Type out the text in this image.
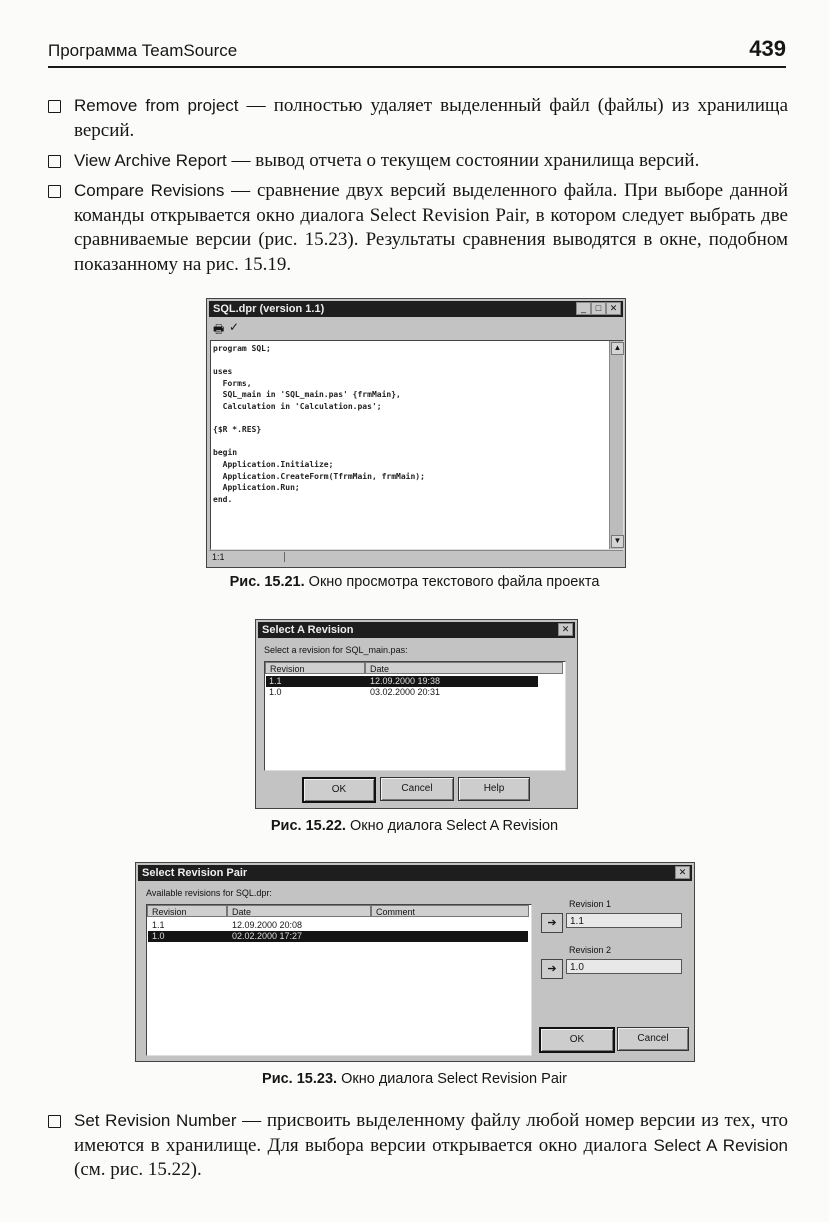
Программа TeamSource	439
Remove from project — полностью удаляет выделенный файл (файлы) из хранилища версий.
View Archive Report — вывод отчета о текущем состоянии хранилища версий.
Compare Revisions — сравнение двух версий выделенного файла. При выборе данной команды открывается окно диалога Select Revision Pair, в котором следует выбрать две сравниваемые версии (рис. 15.23). Результаты сравнения выводятся в окне, подобном показанному на рис. 15.19.
SQL.dpr (version 1.1)	_	□ ✕
🖶 ✓
program SQL;

uses
Forms,
SQL_main in 'SQL_main.pas' {frmMain},
Calculation in 'Calculation.pas';

{$R *.RES}

begin
Application.Initialize;
Application.CreateForm(TfrmMain, frmMain);
Application.Run;
end.
▲
▼
1:1
Рис. 15.21. Окно просмотра текстового файла проекта
Select A Revision	✕
Select a revision for SQL_main.pas:
Revision	Date
1.1	12.09.2000 19:38
1.0	03.02.2000 20:31
OK	Cancel	Help
Рис. 15.22. Окно диалога Select A Revision
Select Revision Pair	✕
Available revisions for SQL.dpr:
Revision	Date	Comment
1.1	12.09.2000 20:08
1.0	02.02.2000 17:27
Revision 1
➔	1.1
Revision 2
➔	1.0
OK	Cancel
Рис. 15.23. Окно диалога Select Revision Pair
Set Revision Number — присвоить выделенному файлу любой номер версии из тех, что имеются в хранилище. Для выбора версии открывается окно диалога Select A Revision (см. рис. 15.22).
